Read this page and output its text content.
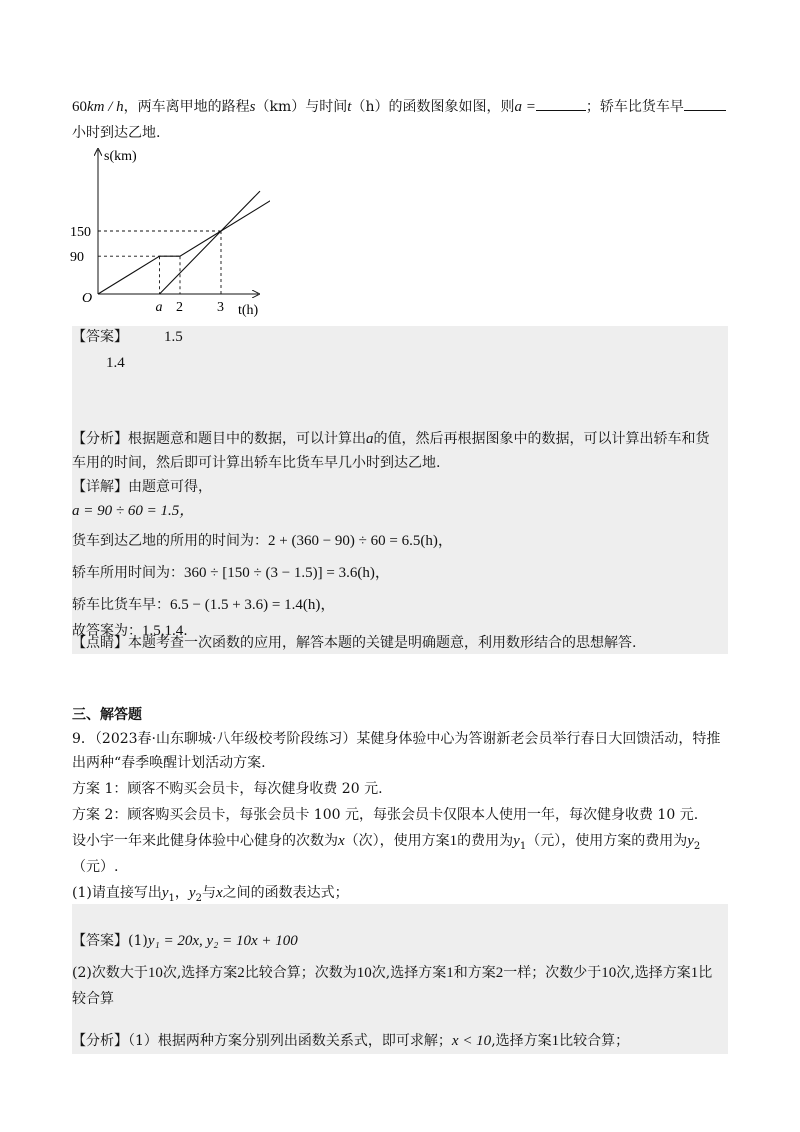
60km / h，两车离甲地的路程s（km）与时间t（h）的函数图象如图，则a =	；轿车比货车早
小时到达乙地.
s(km)
t(h)
O
90
150
a 2 3
【答案】 1.5
1.4
【分析】根据题意和题目中的数据，可以计算出a的值，然后再根据图象中的数据，可以计算出轿车和货
车用的时间，然后即可计算出轿车比货车早几小时到达乙地.
【详解】由题意可得，
a = 90 ÷ 60 = 1.5，
货车到达乙地的所用的时间为：2 + (360 − 90) ÷ 60 = 6.5(h)，
轿车所用时间为：360 ÷ [150 ÷ (3 − 1.5)] = 3.6(h)，
轿车比货车早：6.5 − (1.5 + 3.6) = 1.4(h)，
故答案为：1.5,1.4.
三、解答题
9．（2023春·山东聊城·八年级校考阶段练习）某健身体验中心为答谢新老会员举行春日大回馈活动，特推
出两种“春季唤醒计划活动方案.
方案 1：顾客不购买会员卡，每次健身收费 20 元.
方案 2：顾客购买会员卡，每张会员卡 100 元，每张会员卡仅限本人使用一年，每次健身收费 10 元.
设小宇一年来此健身体验中心健身的次数为x（次），使用方案1的费用为$y_1$（元），使用方案的费用为$y_2$
（元）.
(1)请直接写出$y_1$，$y_2$与x之间的函数表达式；
【答案】(1)y₁ = 20x, y₂ = 10x + 100
(2)次数大于10次,选择方案2比较合算；次数为10次,选择方案1和方案2一样；次数少于10次,选择方案1比
较合算
【分析】（1）根据两种方案分别列出函数关系式，即可求解；x < 10,选择方案1比较合算；
【点睛】本题考查一次函数的应用，解答本题的关键是明确题意，利用数形结合的思想解答.
